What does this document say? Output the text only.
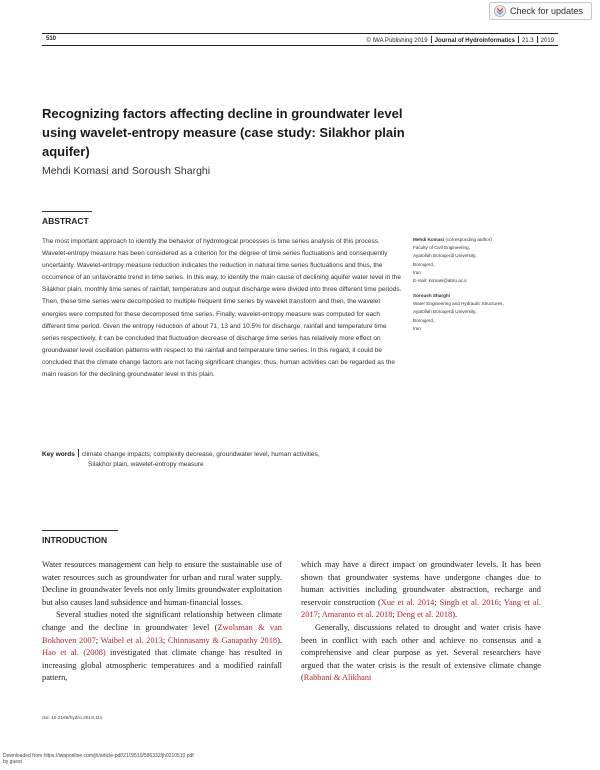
Check for updates
510	© IWA Publishing 2019 Journal of Hydroinformatics 21.3 2019
Recognizing factors affecting decline in groundwater level using wavelet-entropy measure (case study: Silakhor plain aquifer)
Mehdi Komasi and Soroush Sharghi
ABSTRACT
The most important approach to identify the behavior of hydrological processes is time series analysis of this process. Wavelet-entropy measure has been considered as a criterion for the degree of time series fluctuations and consequently uncertainty. Wavelet-entropy measure reduction indicates the reduction in natural time series fluctuations and thus, the occurrence of an unfavorable trend in time series. In this way, to identify the main cause of declining aquifer water level in the Silakhor plain, monthly time series of rainfall, temperature and output discharge were divided into three different time periods. Then, these time series were decomposed to multiple frequent time series by wavelet transform and then, the wavelet energies were computed for these decomposed time series. Finally, wavelet-entropy measure was computed for each different time period. Given the entropy reduction of about 71, 13 and 10.5% for discharge, rainfall and temperature time series respectively, it can be concluded that fluctuation decrease of discharge time series has relatively more effect on groundwater level oscillation patterns with respect to the rainfall and temperature time series. In this regard, it could be concluded that the climate change factors are not facing significant changes; thus, human activities can be regarded as the main reason for the declining groundwater level in this plain.
Key words climate change impacts, complexity decrease, groundwater level, human activities,
Silakhor plain, wavelet-entropy measure
Mehdi Komasi (corresponding author)
Faculty of Civil Engineering,
Ayatollah Boroujerdi University,
Boroujerd,
Iran
E-mail: komasi@abru.ac.ir
Soroush Sharghi
Water Engineering and Hydraulic Structures,
Ayatollah Boroujerdi University,
Boroujerd,
Iran
INTRODUCTION

Water resources management can help to ensure the sustainable use of water resources such as groundwater for urban and rural water supply. Decline in groundwater levels not only limits groundwater exploitation but also causes land subsidence and human-financial losses.

Several studies noted the significant relationship between climate change and the decline in groundwater level (Zwolsman & van Bokhoven 2007; Waibel et al. 2013; Chinnasamy & Ganapathy 2018). Hao et al. (2008) investigated that climate change has resulted in increasing global atmospheric temperatures and a modified rainfall pattern,

which may have a direct impact on groundwater levels. It has been shown that groundwater systems have undergone changes due to human activities including groundwater abstraction, recharge and reservoir construction (Xue et al. 2014; Singh et al. 2016; Yang et al. 2017; Amaranto et al. 2018; Deng et al. 2018).

Generally, discussions related to drought and water crisis have been in conflict with each other and achieve no consensus and a comprehensive and clear purpose as yet. Several researchers have argued that the water crisis is the result of extensive climate change (Rabbani & Alikhani

doi: 10.2166/hydro.2019.111
Downloaded from https://iwaponline.com/jh/article-pdf/21/3/510/586332/jh0210510.pdf
by guest
